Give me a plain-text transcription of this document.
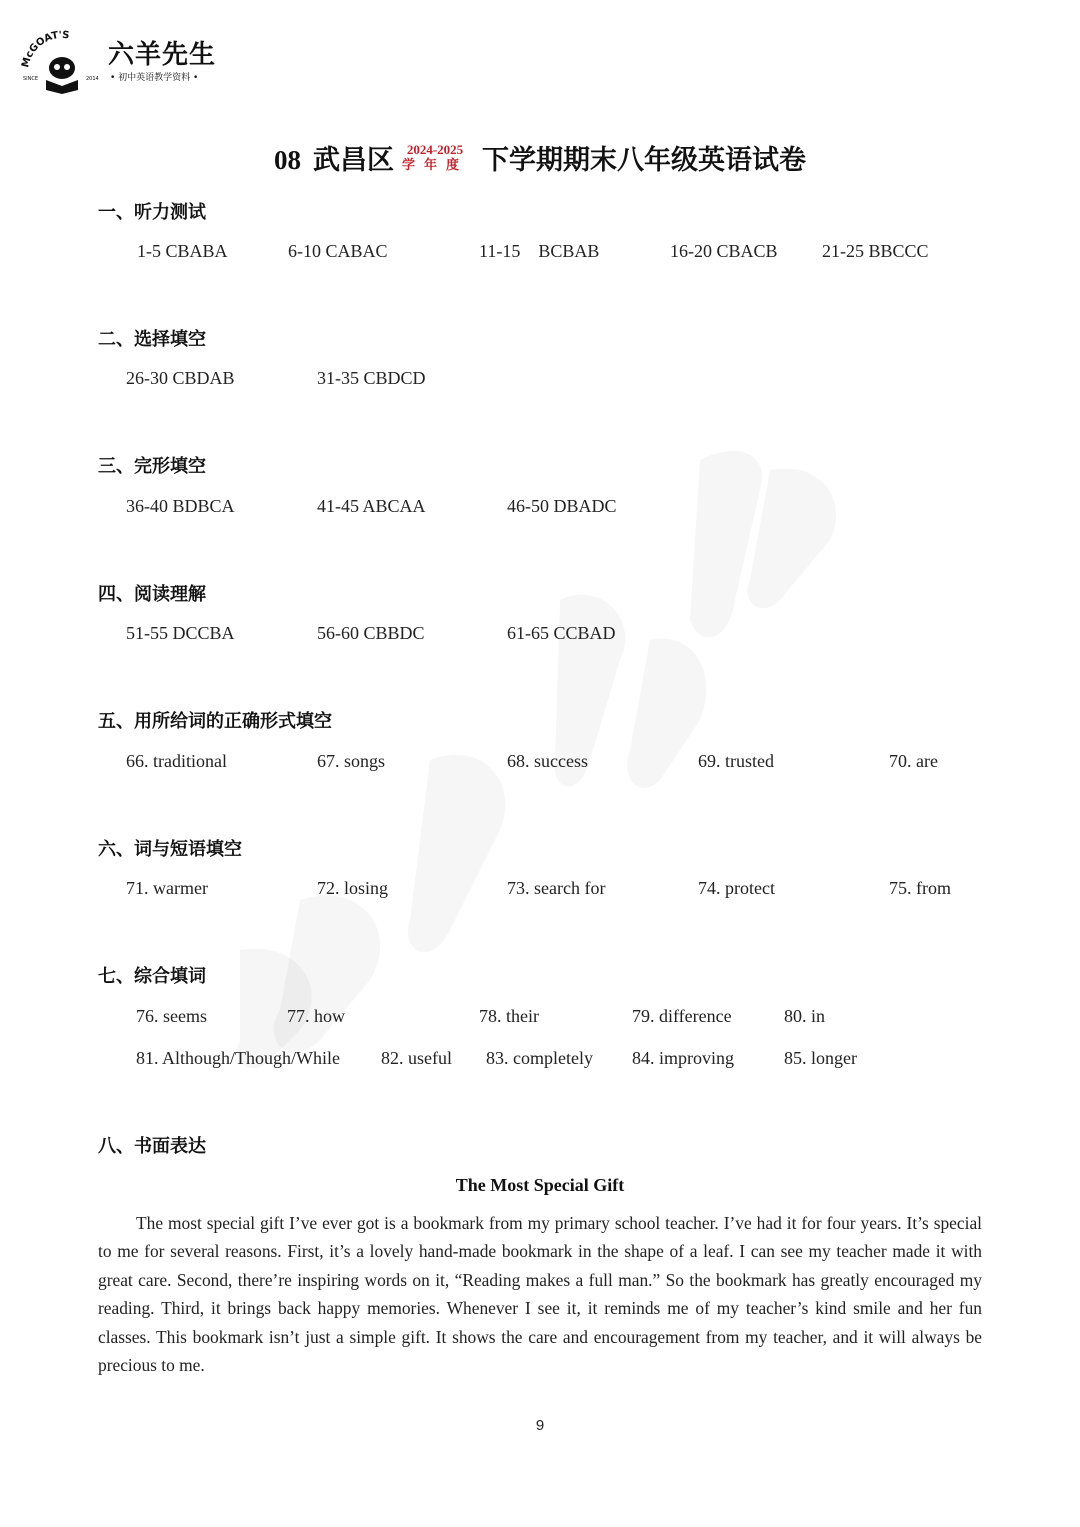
McGOAT'S
SINCE	2014
六羊先生
• 初中英语教学资料 •
08 武昌区 2024-2025
学年度 下学期期末八年级英语试卷
一、听力测试
1-5 CBABA	6-10 CABAC	11-15    BCBAB	16-20 CBACB 21-25 BBCCC
二、选择填空
26-30 CBDAB	31-35 CBDCD
三、完形填空
36-40 BDBCA	41-45 ABCAA	46-50 DBADC
四、阅读理解
51-55 DCCBA	56-60 CBBDC	61-65 CCBAD
五、用所给词的正确形式填空
66. traditional	67. songs	68. success	69. trusted	70. are
六、词与短语填空
71. warmer	72. losing	73. search for	74. protect	75. from
七、综合填词
76. seems	77. how	78. their	79. difference	80. in
81. Although/Though/While 82. useful 83. completely 84. improving	85. longer
八、书面表达
The Most Special Gift
The most special gift I’ve ever got is a bookmark from my primary school teacher. I’ve had it for four years. It’s special to me for several reasons. First, it’s a lovely hand-made bookmark in the shape of a leaf. I can see my teacher made it with great care. Second, there’re inspiring words on it, “Reading makes a full man.” So the bookmark has greatly encouraged my reading. Third, it brings back happy memories. Whenever I see it, it reminds me of my teacher’s kind smile and her fun classes. This bookmark isn’t just a simple gift. It shows the care and encouragement from my teacher, and it will always be precious to me.
9
